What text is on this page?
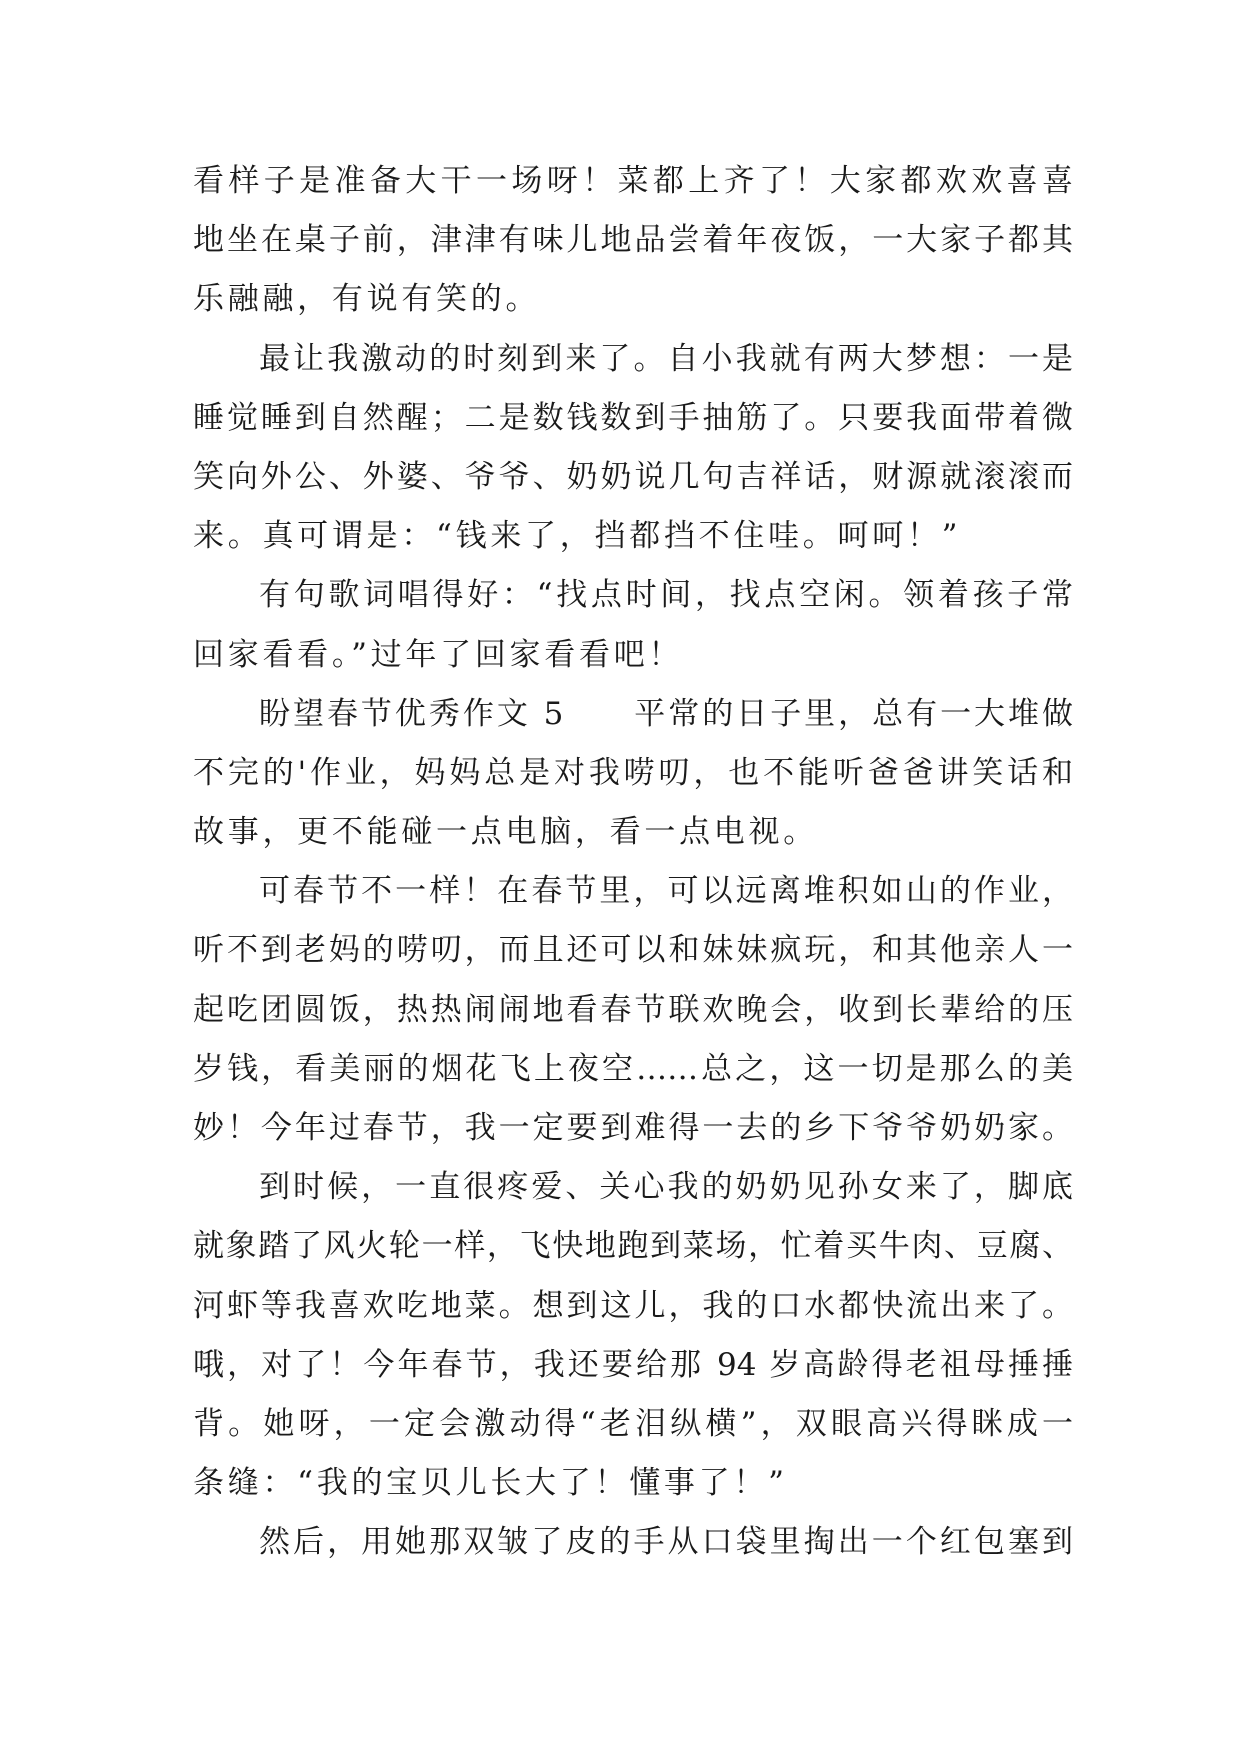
看样子是准备大干一场呀！菜都上齐了！大家都欢欢喜喜
地坐在桌子前，津津有味儿地品尝着年夜饭，一大家子都其
乐融融，有说有笑的。
最让我激动的时刻到来了。自小我就有两大梦想：一是
睡觉睡到自然醒；二是数钱数到手抽筋了。只要我面带着微
笑向外公、外婆、爷爷、奶奶说几句吉祥话，财源就滚滚而
来。真可谓是：“钱来了，挡都挡不住哇。呵呵！”
有句歌词唱得好：“找点时间，找点空闲。领着孩子常
回家看看。”过年了回家看看吧！
盼望春节优秀作文 5　　平常的日子里，总有一大堆做
不完的'作业，妈妈总是对我唠叨，也不能听爸爸讲笑话和
故事，更不能碰一点电脑，看一点电视。
可春节不一样！在春节里，可以远离堆积如山的作业，
听不到老妈的唠叨，而且还可以和妹妹疯玩，和其他亲人一
起吃团圆饭，热热闹闹地看春节联欢晚会，收到长辈给的压
岁钱，看美丽的烟花飞上夜空……总之，这一切是那么的美
妙！今年过春节，我一定要到难得一去的乡下爷爷奶奶家。
到时候，一直很疼爱、关心我的奶奶见孙女来了，脚底
就象踏了风火轮一样，飞快地跑到菜场，忙着买牛肉、豆腐、
河虾等我喜欢吃地菜。想到这儿，我的口水都快流出来了。
哦，对了！今年春节，我还要给那 94 岁高龄得老祖母捶捶
背。她呀，一定会激动得“老泪纵横”，双眼高兴得眯成一
条缝：“我的宝贝儿长大了！懂事了！”
然后，用她那双皱了皮的手从口袋里掏出一个红包塞到
